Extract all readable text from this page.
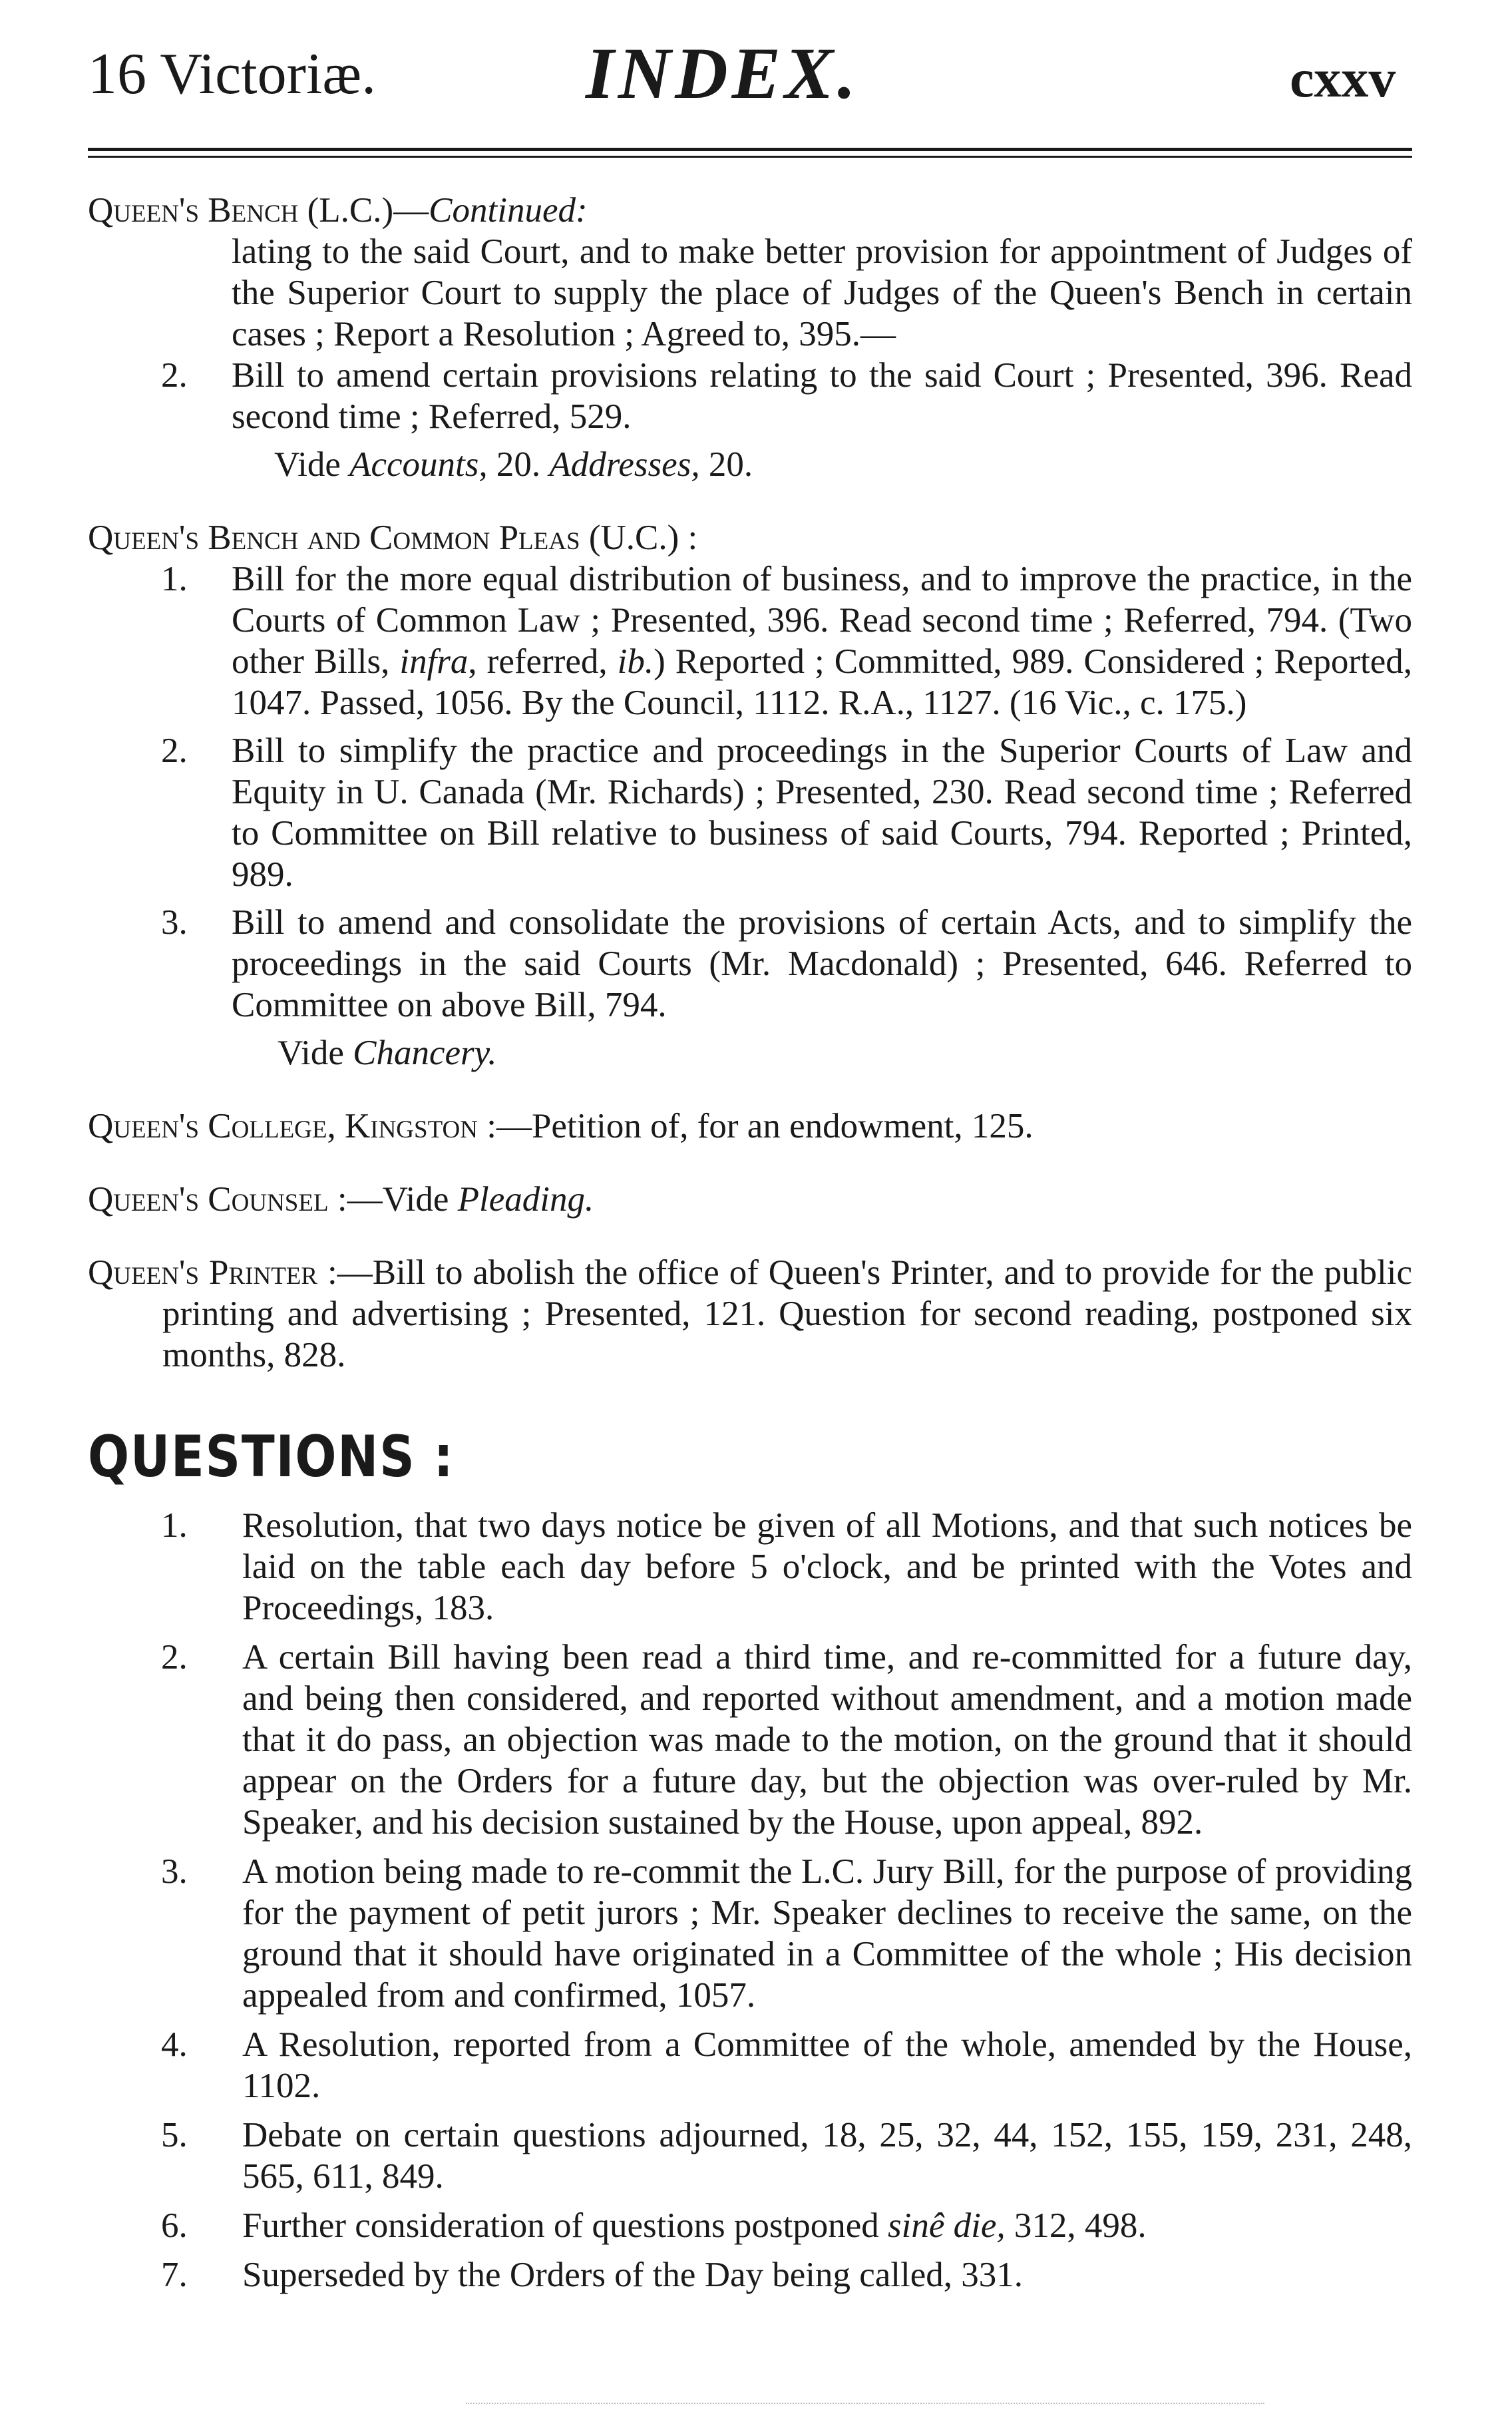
16 Victoriæ.	INDEX.	cxxv

Queen's Bench (L.C.)—Continued:

lating to the said Court, and to make better provision for appointment of Judges of the Superior Court to supply the place of Judges of the Queen's Bench in certain cases ; Report a Resolution ; Agreed to, 395.—

2. Bill to amend certain provisions relating to the said Court ; Presented, 396. Read second time ; Referred, 529.

Vide Accounts, 20. Addresses, 20.

Queen's Bench and Common Pleas (U.C.) :

1. Bill for the more equal distribution of business, and to improve the practice, in the Courts of Common Law ; Presented, 396. Read second time ; Referred, 794. (Two other Bills, infra, referred, ib.) Reported ; Committed, 989. Considered ; Reported, 1047. Passed, 1056. By the Council, 1112. R.A., 1127. (16 Vic., c. 175.)
2. Bill to simplify the practice and proceedings in the Superior Courts of Law and Equity in U. Canada (Mr. Richards) ; Presented, 230. Read second time ; Referred to Committee on Bill relative to business of said Courts, 794. Reported ; Printed, 989.
3. Bill to amend and consolidate the provisions of certain Acts, and to simplify the proceedings in the said Courts (Mr. Macdonald) ; Presented, 646. Referred to Committee on above Bill, 794.

Vide Chancery.

Queen's College, Kingston :—Petition of, for an endowment, 125.

Queen's Counsel :—Vide Pleading.

Queen's Printer :—Bill to abolish the office of Queen's Printer, and to provide for the public printing and advertising ; Presented, 121. Question for second reading, postponed six months, 828.

QUESTIONS :
1. Resolution, that two days notice be given of all Motions, and that such notices be laid on the table each day before 5 o'clock, and be printed with the Votes and Proceedings, 183.
2. A certain Bill having been read a third time, and re-committed for a future day, and being then considered, and reported without amendment, and a motion made that it do pass, an objection was made to the motion, on the ground that it should appear on the Orders for a future day, but the objection was over-ruled by Mr. Speaker, and his decision sustained by the House, upon appeal, 892.
3. A motion being made to re-commit the L.C. Jury Bill, for the purpose of providing for the payment of petit jurors ; Mr. Speaker declines to receive the same, on the ground that it should have originated in a Committee of the whole ; His decision appealed from and confirmed, 1057.
4. A Resolution, reported from a Committee of the whole, amended by the House, 1102.
5. Debate on certain questions adjourned, 18, 25, 32, 44, 152, 155, 159, 231, 248, 565, 611, 849.
6. Further consideration of questions postponed sinê die, 312, 498.
7. Superseded by the Orders of the Day being called, 331.
